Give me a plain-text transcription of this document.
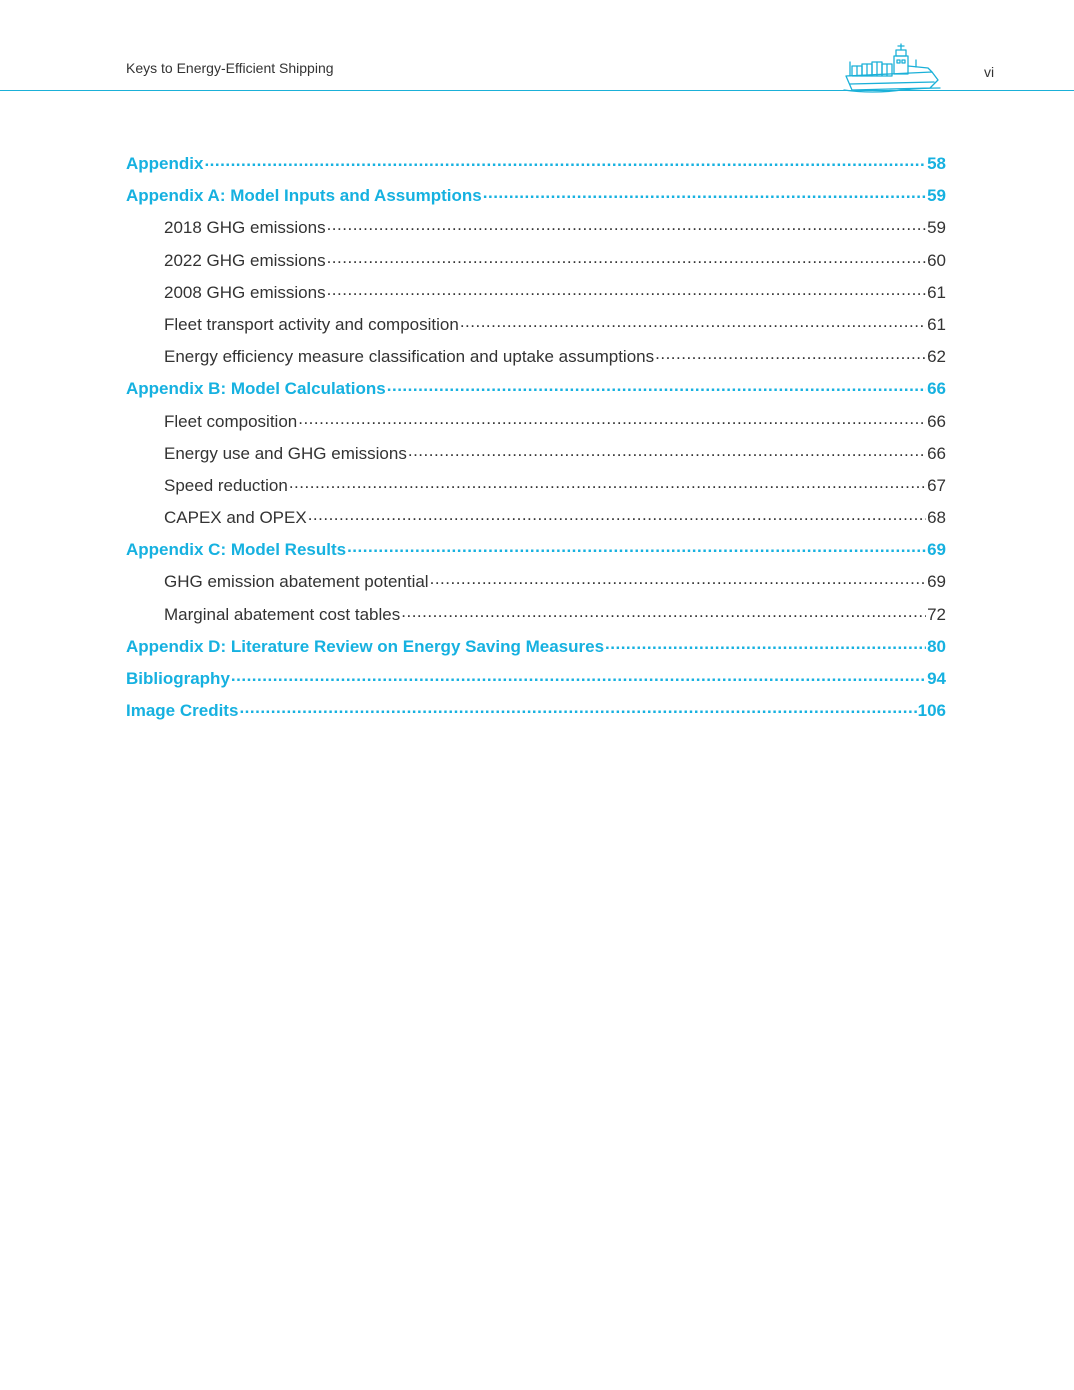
Keys to Energy-Efficient Shipping	vi
Appendix .....	58
Appendix A: Model Inputs and Assumptions .....	59
2018 GHG emissions .....	59
2022 GHG emissions .....	60
2008 GHG emissions .....	61
Fleet transport activity and composition .....	61
Energy efficiency measure classification and uptake assumptions .....	62
Appendix B: Model Calculations .....	66
Fleet composition .....	66
Energy use and GHG emissions .....	66
Speed reduction .....	67
CAPEX and OPEX .....	68
Appendix C: Model Results .....	69
GHG emission abatement potential .....	69
Marginal abatement cost tables .....	72
Appendix D: Literature Review on Energy Saving Measures .....	80
Bibliography .....	94
Image Credits .....	106
